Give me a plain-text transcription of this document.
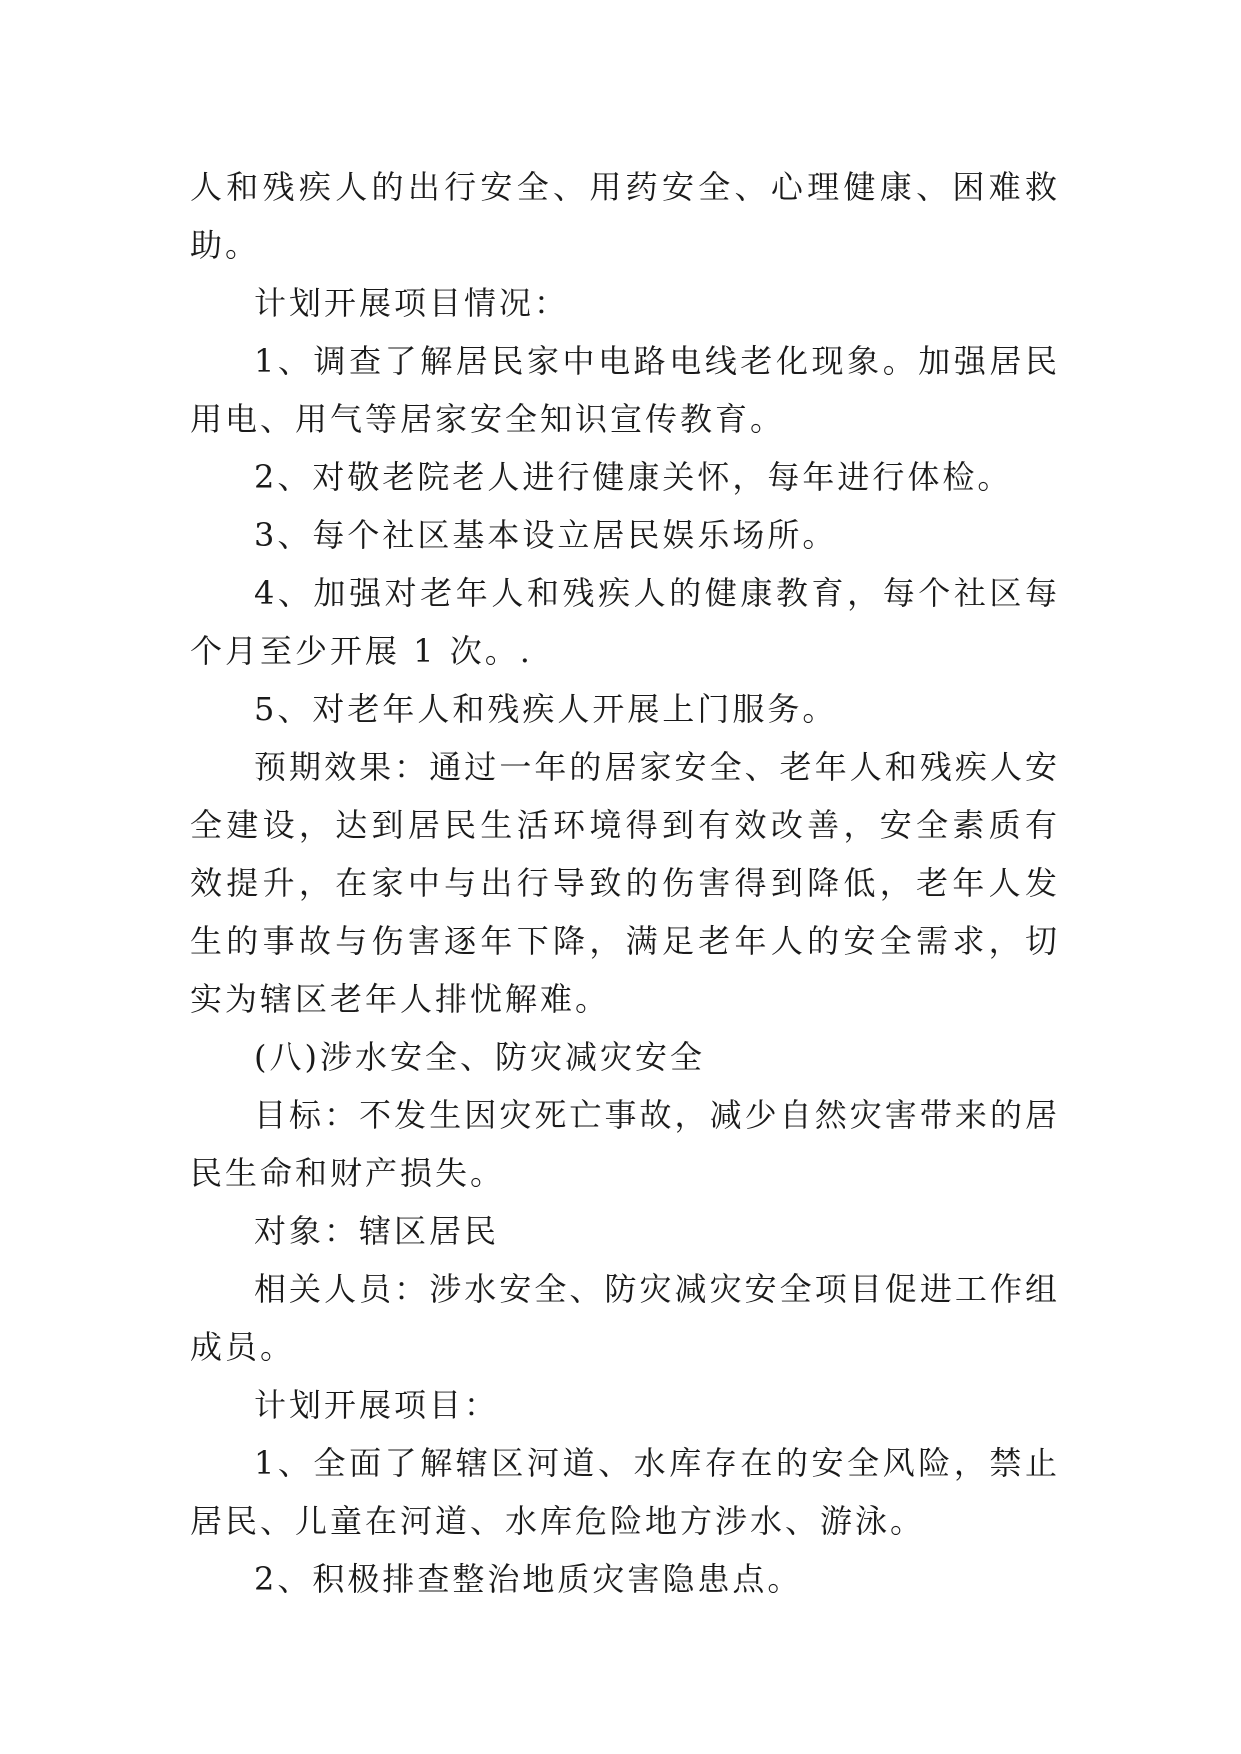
人和残疾人的出行安全、用药安全、心理健康、困难救助。

计划开展项目情况：

1、调查了解居民家中电路电线老化现象。加强居民用电、用气等居家安全知识宣传教育。

2、对敬老院老人进行健康关怀，每年进行体检。

3、每个社区基本设立居民娱乐场所。

4、加强对老年人和残疾人的健康教育，每个社区每个月至少开展 1 次。.

5、对老年人和残疾人开展上门服务。

预期效果：通过一年的居家安全、老年人和残疾人安全建设，达到居民生活环境得到有效改善，安全素质有效提升，在家中与出行导致的伤害得到降低，老年人发生的事故与伤害逐年下降，满足老年人的安全需求，切实为辖区老年人排忧解难。

(八)涉水安全、防灾减灾安全

目标：不发生因灾死亡事故，减少自然灾害带来的居民生命和财产损失。

对象：辖区居民

相关人员：涉水安全、防灾减灾安全项目促进工作组成员。

计划开展项目：

1、全面了解辖区河道、水库存在的安全风险，禁止居民、儿童在河道、水库危险地方涉水、游泳。

2、积极排查整治地质灾害隐患点。
